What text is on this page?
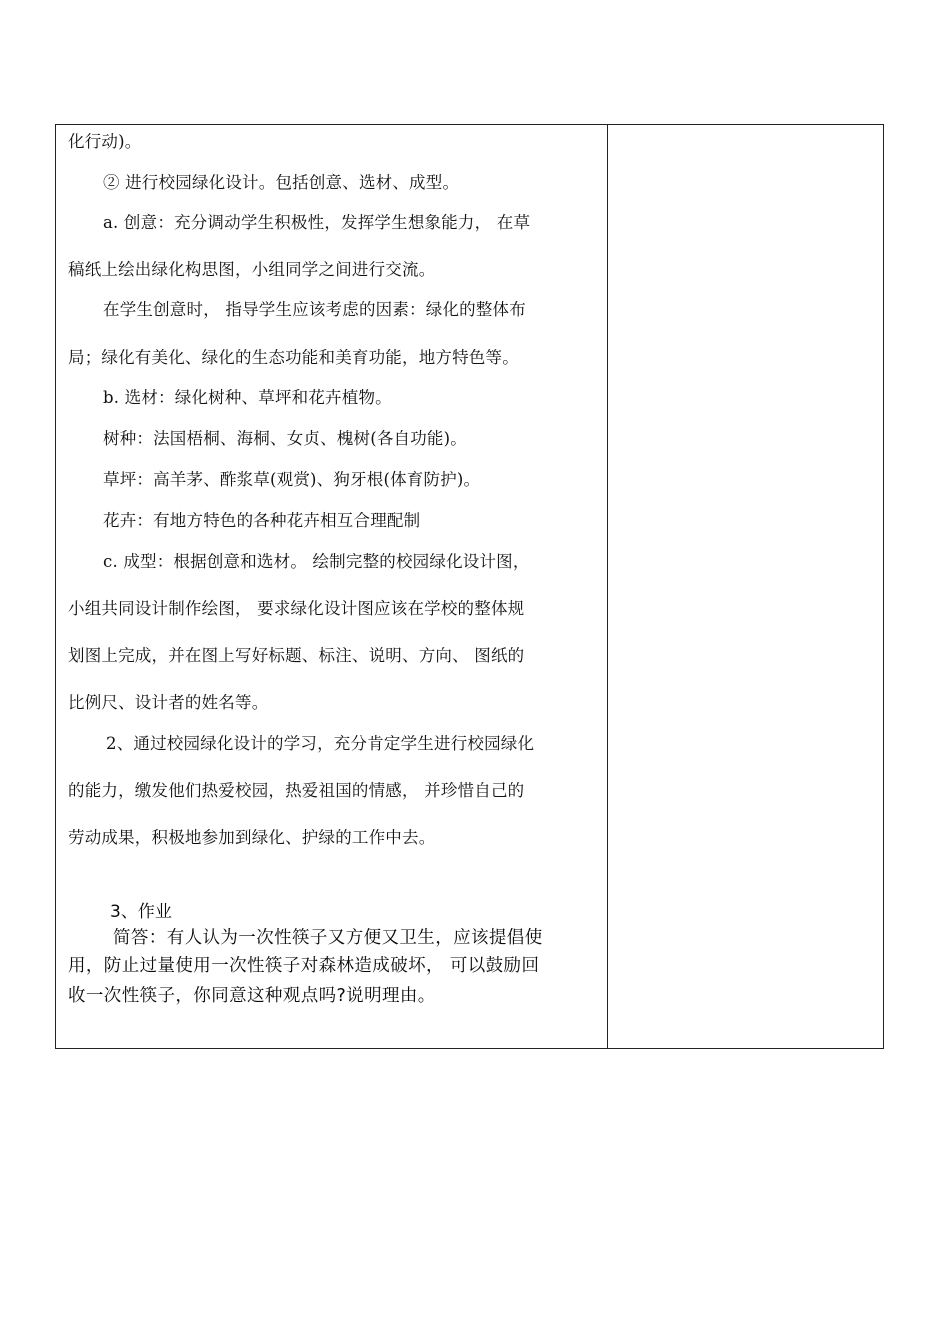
化行动)。
② 进行校园绿化设计。包括创意、选材、成型。
a. 创意：充分调动学生积极性，发挥学生想象能力， 在草
稿纸上绘出绿化构思图，小组同学之间进行交流。
在学生创意时， 指导学生应该考虑的因素：绿化的整体布
局；绿化有美化、绿化的生态功能和美育功能，地方特色等。
b. 选材：绿化树种、草坪和花卉植物。
树种：法国梧桐、海桐、女贞、槐树(各自功能)。
草坪：高羊茅、酢浆草(观赏)、狗牙根(体育防护)。
花卉：有地方特色的各种花卉相互合理配制
c. 成型：根据创意和选材。 绘制完整的校园绿化设计图，
小组共同设计制作绘图， 要求绿化设计图应该在学校的整体规
划图上完成，并在图上写好标题、标注、说明、方向、 图纸的
比例尺、设计者的姓名等。
2、通过校园绿化设计的学习，充分肯定学生进行校园绿化
的能力，缴发他们热爱校园，热爱祖国的情感， 并珍惜自己的
劳动成果，积极地参加到绿化、护绿的工作中去。
3、作业
简答：有人认为一次性筷子又方便又卫生，应该提倡使
用，防止过量使用一次性筷子对森林造成破坏， 可以鼓励回
收一次性筷子，你同意这种观点吗?说明理由。
